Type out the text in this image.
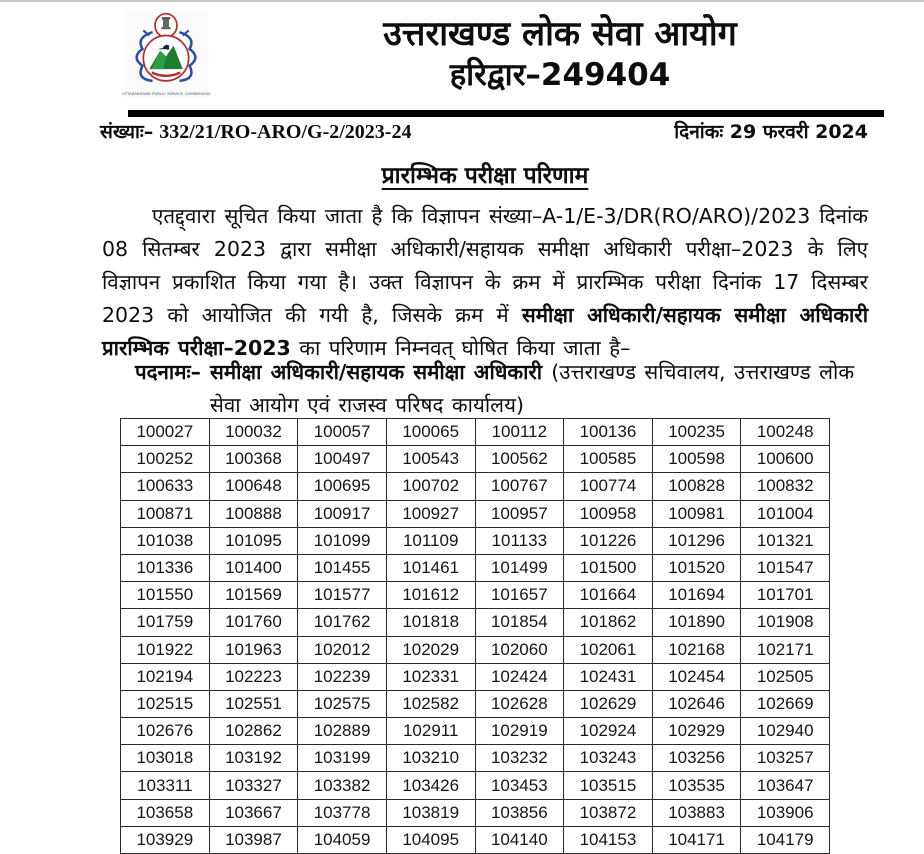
UTTARAKHAND PUBLIC SERVICE COMMISSION
उत्तराखण्ड लोक सेवा आयोग
हरिद्वार–249404
संख्याः– 332/21/RO-ARO/G-2/2023-24	दिनांकः 29 फरवरी 2024
प्रारम्भिक परीक्षा परिणाम

एतद्द्वारा सूचित किया जाता है कि विज्ञापन संख्या–A-1/E-3/DR(RO/ARO)/2023 दिनांक 08 सितम्बर 2023 द्वारा समीक्षा अधिकारी/सहायक समीक्षा अधिकारी परीक्षा–2023 के लिए विज्ञापन प्रकाशित किया गया है। उक्त विज्ञापन के क्रम में प्रारम्भिक परीक्षा दिनांक 17 दिसम्बर 2023 को आयोजित की गयी है, जिसके क्रम में समीक्षा अधिकारी/सहायक समीक्षा अधिकारी प्रारम्भिक परीक्षा–2023 का परिणाम निम्नवत् घोषित किया जाता है–

पदनामः– समीक्षा अधिकारी/सहायक समीक्षा अधिकारी (उत्तराखण्ड सचिवालय, उत्तराखण्ड लोक सेवा आयोग एवं राजस्व परिषद कार्यालय)
100027	100032	100057	100065	100112	100136	100235	100248
100252	100368	100497	100543	100562	100585	100598	100600
100633	100648	100695	100702	100767	100774	100828	100832
100871	100888	100917	100927	100957	100958	100981	101004
101038	101095	101099	101109	101133	101226	101296	101321
101336	101400	101455	101461	101499	101500	101520	101547
101550	101569	101577	101612	101657	101664	101694	101701
101759	101760	101762	101818	101854	101862	101890	101908
101922	101963	102012	102029	102060	102061	102168	102171
102194	102223	102239	102331	102424	102431	102454	102505
102515	102551	102575	102582	102628	102629	102646	102669
102676	102862	102889	102911	102919	102924	102929	102940
103018	103192	103199	103210	103232	103243	103256	103257
103311	103327	103382	103426	103453	103515	103535	103647
103658	103667	103778	103819	103856	103872	103883	103906
103929	103987	104059	104095	104140	104153	104171	104179
